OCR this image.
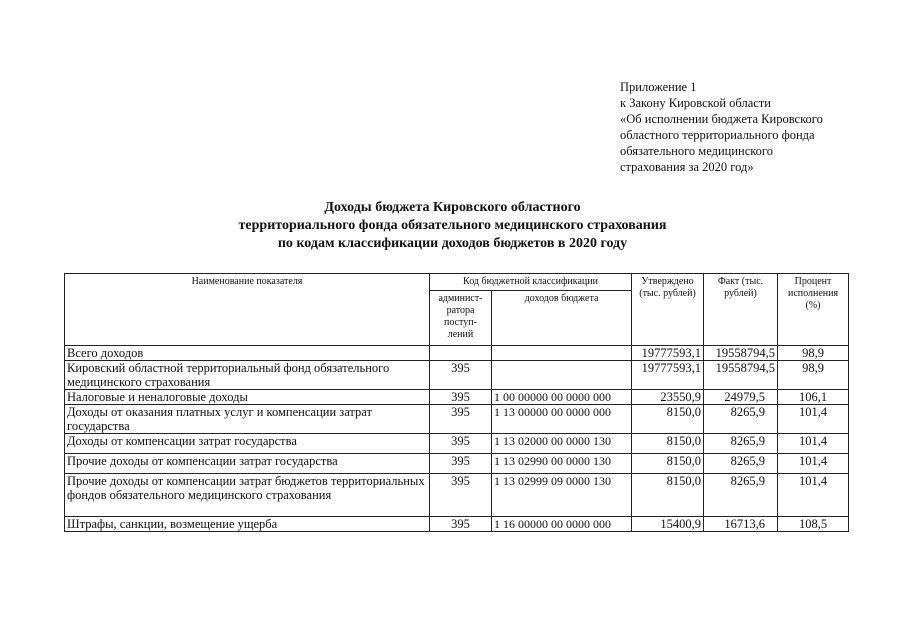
Приложение 1
к Закону Кировской области
«Об исполнении бюджета Кировского
областного территориального фонда
обязательного медицинского
страхования за 2020 год»
Доходы бюджета Кировского областного
территориального фонда обязательного медицинского страхования
по кодам классификации доходов бюджетов в 2020 году
Наименование показателя	Код бюджетной классификации		Утверждено (тыс. рублей)	Факт (тыс. рублей)	Процент исполнения (%)
	админист-ратора поступ-лений	доходов бюджета			
Всего доходов			19777593,1	19558794,5	98,9
Кировский областной территориальный фонд обязательного медицинского страхования	395		19777593,1	19558794,5	98,9
Налоговые и неналоговые доходы	395	1 00 00000 00 0000 000	23550,9	24979,5	106,1
Доходы от оказания платных услуг и компенсации затрат государства	395	1 13 00000 00 0000 000	8150,0	8265,9	101,4
Доходы от компенсации затрат государства	395	1 13 02000 00 0000 130	8150,0	8265,9	101,4
Прочие доходы от компенсации затрат государства	395	1 13 02990 00 0000 130	8150,0	8265,9	101,4
Прочие доходы от компенсации затрат бюджетов территориальных фондов обязательного медицинского страхования	395	1 13 02999 09 0000 130	8150,0	8265,9	101,4
Штрафы, санкции, возмещение ущерба	395	1 16 00000 00 0000 000	15400,9	16713,6	108,5
